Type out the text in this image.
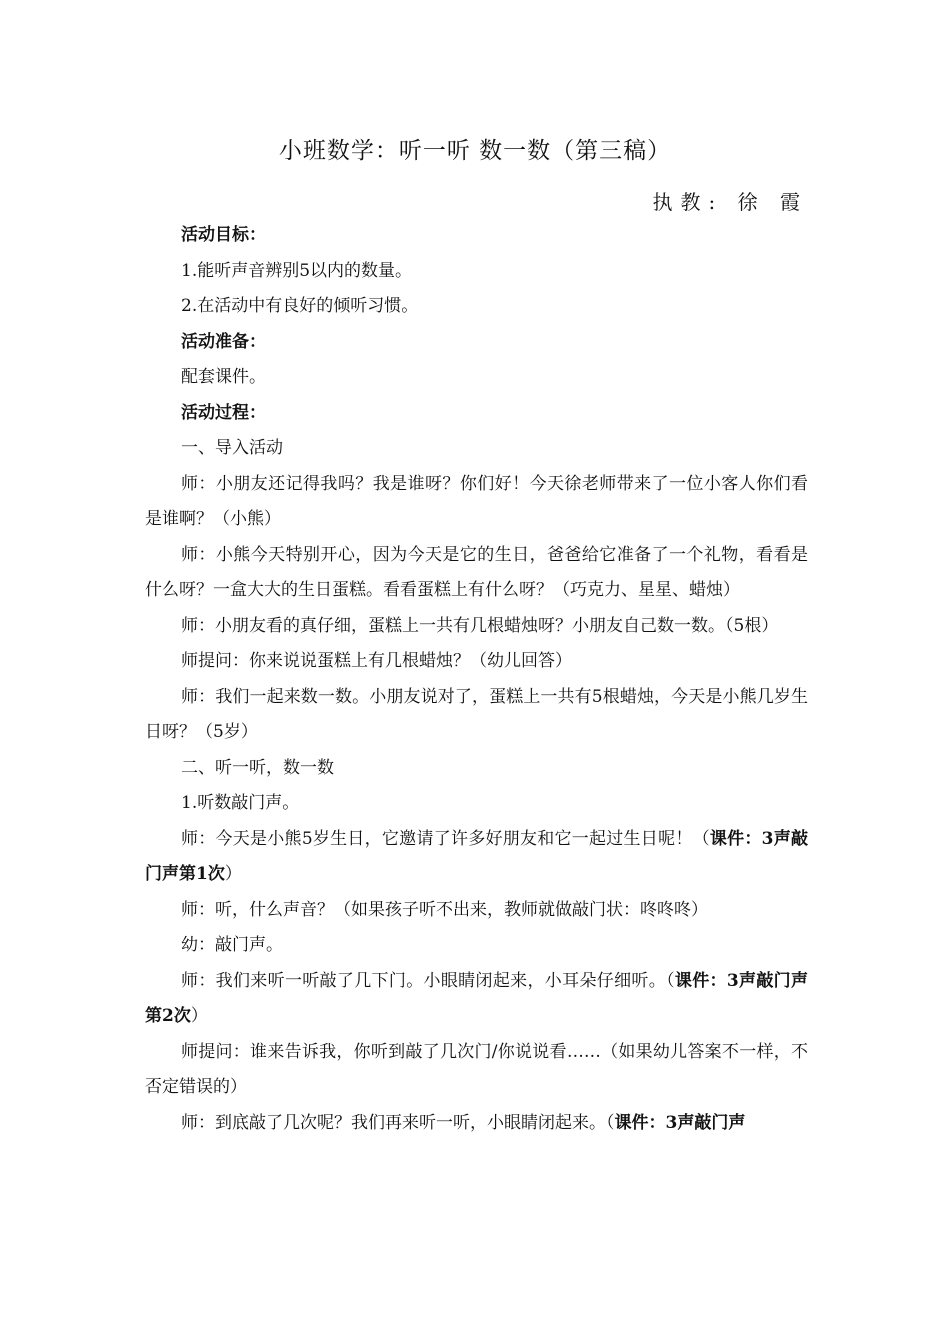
小班数学：听一听 数一数（第三稿）
执教: 徐 霞

活动目标：

1.能听声音辨别5以内的数量。

2.在活动中有良好的倾听习惯。

活动准备：

配套课件。

活动过程：

一、导入活动

师：小朋友还记得我吗？我是谁呀？你们好！今天徐老师带来了一位小客人你们看是谁啊？（小熊）

师：小熊今天特别开心，因为今天是它的生日，爸爸给它准备了一个礼物，看看是什么呀？一盒大大的生日蛋糕。看看蛋糕上有什么呀？（巧克力、星星、蜡烛）

师：小朋友看的真仔细，蛋糕上一共有几根蜡烛呀？小朋友自己数一数。（5根）

师提问：你来说说蛋糕上有几根蜡烛？（幼儿回答）

师：我们一起来数一数。小朋友说对了，蛋糕上一共有5根蜡烛，今天是小熊几岁生日呀？（5岁）

二、听一听，数一数

1.听数敲门声。

师：今天是小熊5岁生日，它邀请了许多好朋友和它一起过生日呢！（课件：3声敲门声第1次）

师：听，什么声音？（如果孩子听不出来，教师就做敲门状：咚咚咚）

幼：敲门声。

师：我们来听一听敲了几下门。小眼睛闭起来，小耳朵仔细听。（课件：3声敲门声第2次）

师提问：谁来告诉我，你听到敲了几次门/你说说看……（如果幼儿答案不一样，不否定错误的）

师：到底敲了几次呢？我们再来听一听，小眼睛闭起来。（课件：3声敲门声
